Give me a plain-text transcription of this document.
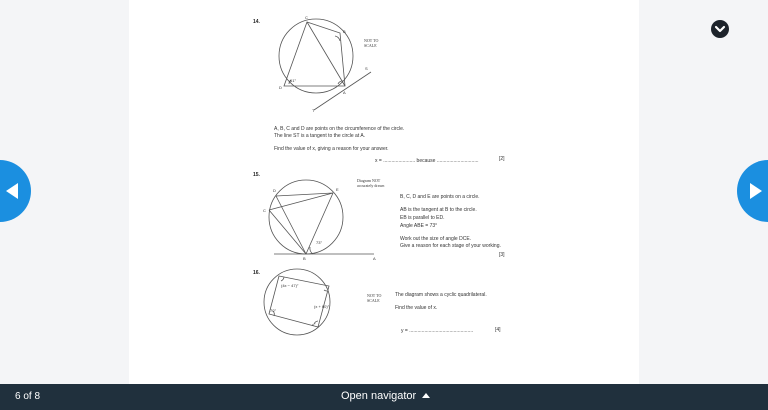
14.
NOT TO
SCALE
C
B
D
A
S
T
61°
A, B, C and D are points on the circumference of the circle.
The line ST is a tangent to the circle at A.
Find the value of x, giving a reason for your answer.
x = ....................... because ..............................	[2]
15.
Diagram NOT
accurately drawn
D	E
C
B	A
73°
B, C, D and E are points on a circle.
AB is the tangent at B to the circle.
EB is parallel to ED.
Angle ABE = 73°
Work out the size of angle DCE.
Give a reason for each stage of your working.
[3]
16.
NOT TO
SCALE
(4x − 47)°
(x + 60)°
70°
x°
The diagram shows a cyclic quadrilateral.
Find the value of x.
y = ..............................................	[4]
6 of 8	Open navigator
